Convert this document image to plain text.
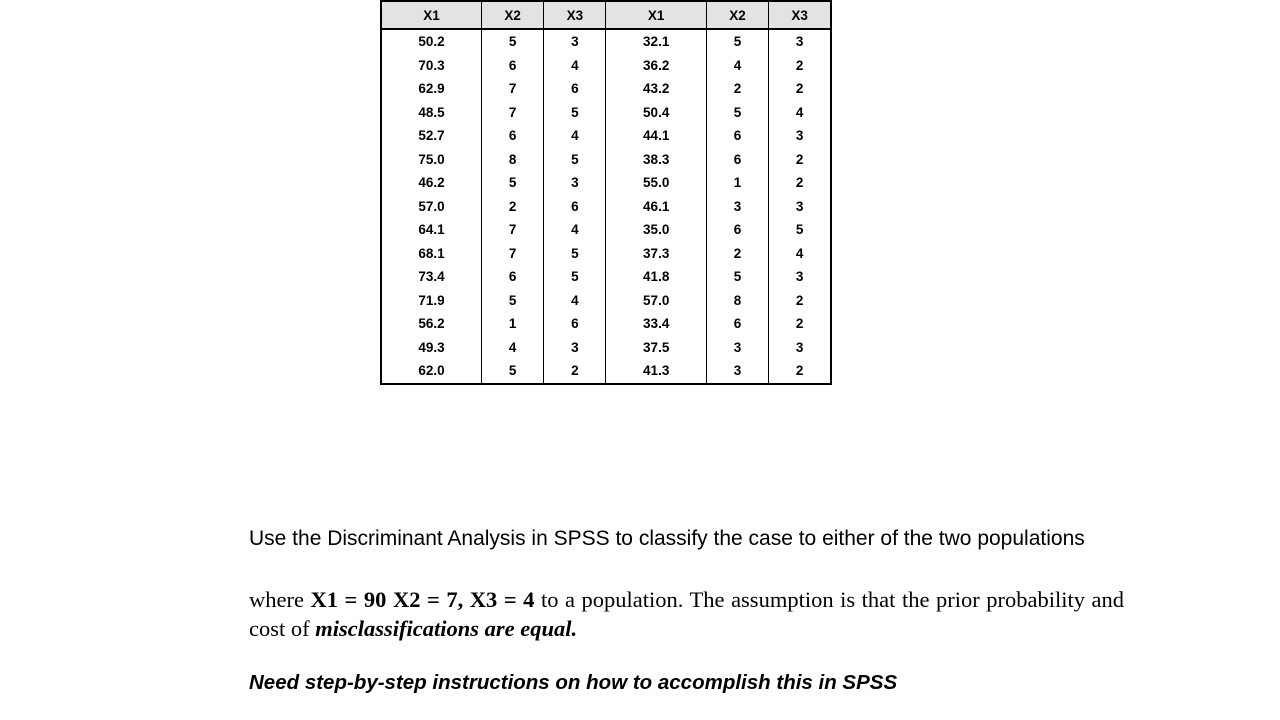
X1	X2	X3	X1	X2	X3
50.2	5	3	32.1	5	3
70.3	6	4	36.2	4	2
62.9	7	6	43.2	2	2
48.5	7	5	50.4	5	4
52.7	6	4	44.1	6	3
75.0	8	5	38.3	6	2
46.2	5	3	55.0	1	2
57.0	2	6	46.1	3	3
64.1	7	4	35.0	6	5
68.1	7	5	37.3	2	4
73.4	6	5	41.8	5	3
71.9	5	4	57.0	8	2
56.2	1	6	33.4	6	2
49.3	4	3	37.5	3	3
62.0	5	2	41.3	3	2
Use the Discriminant Analysis in SPSS to classify the case to either of the two populations
where X1 = 90 X2 = 7, X3 = 4 to a population. The assumption is that the prior probability and cost of misclassifications are equal.
Need step-by-step instructions on how to accomplish this in SPSS
